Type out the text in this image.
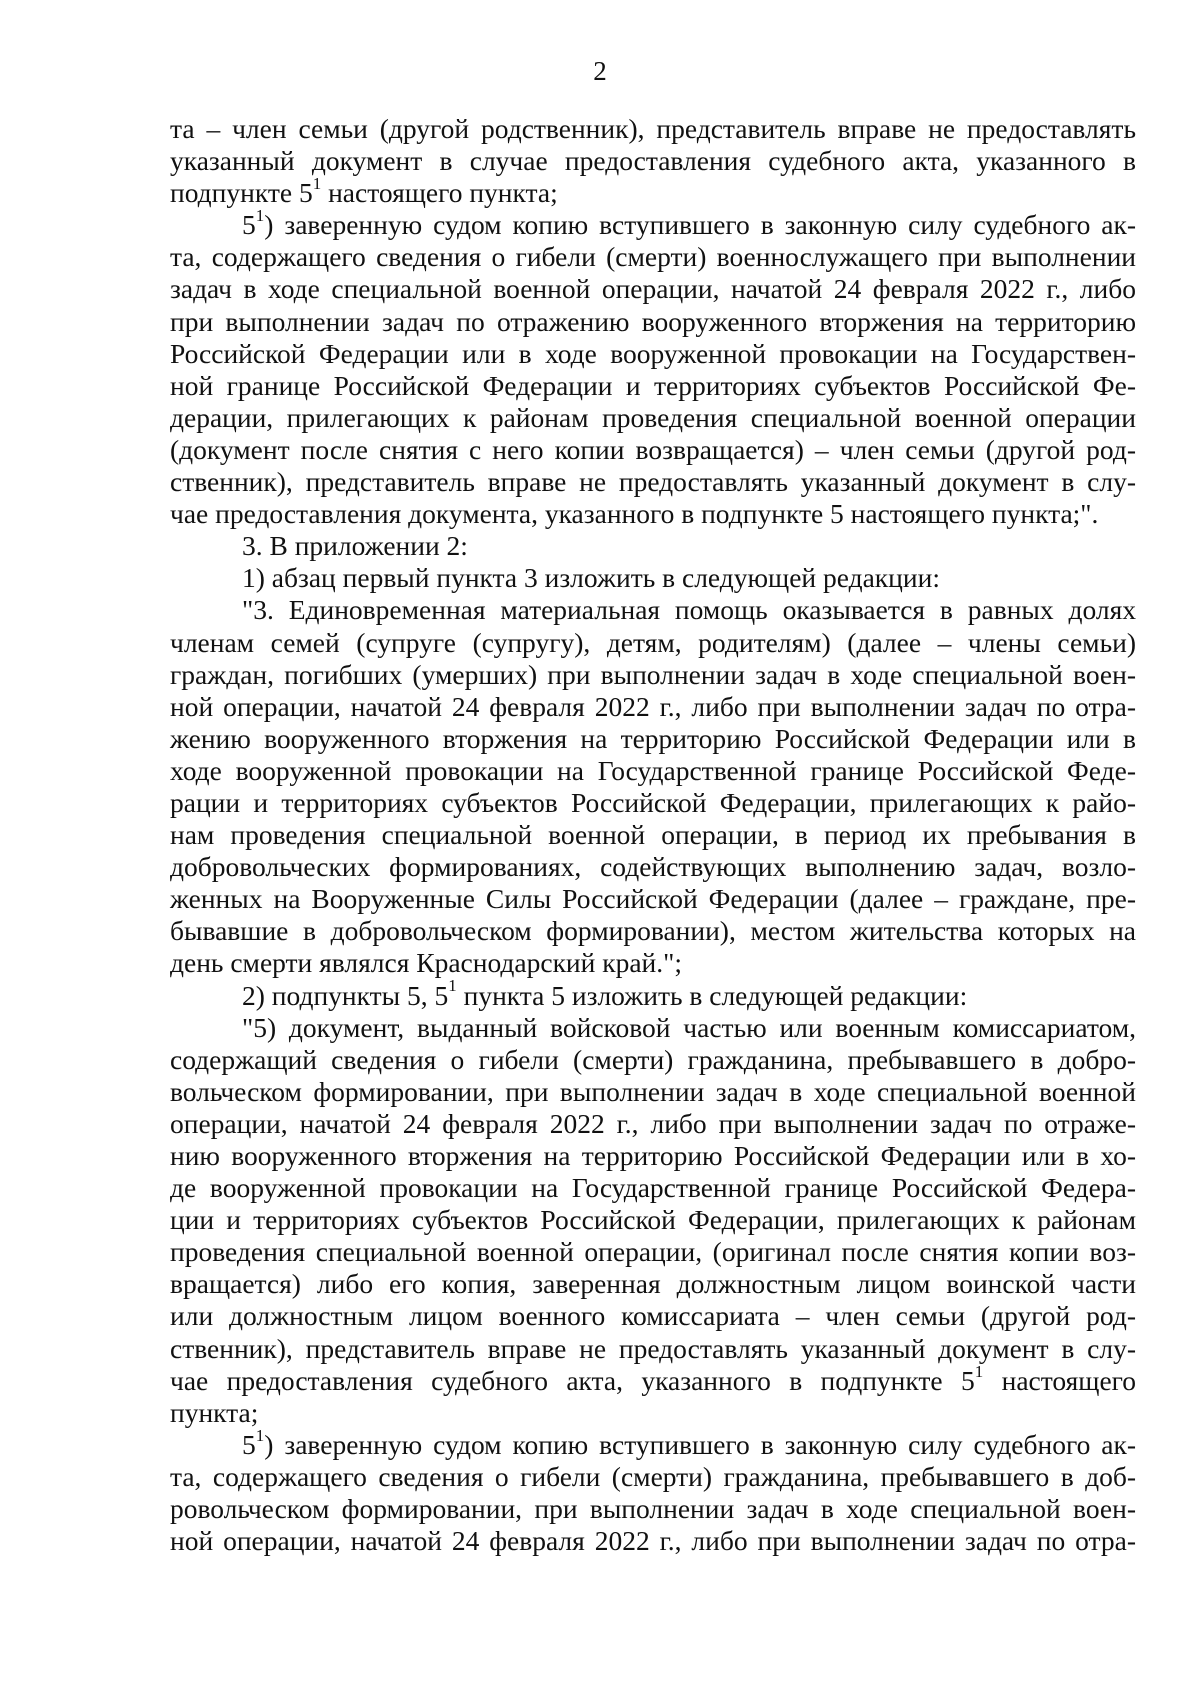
2
та – член семьи (другой родственник), представитель вправе не предоставлять
указанный документ в случае предоставления судебного акта, указанного в
подпункте $5^1$ настоящего пункта;
$5^1$) заверенную судом копию вступившего в законную силу судебного ак-
та, содержащего сведения о гибели (смерти) военнослужащего при выполнении
задач в ходе специальной военной операции, начатой 24 февраля 2022 г., либо
при выполнении задач по отражению вооруженного вторжения на территорию
Российской Федерации или в ходе вооруженной провокации на Государствен-
ной границе Российской Федерации и территориях субъектов Российской Фе-
дерации, прилегающих к районам проведения специальной военной операции
(документ после снятия с него копии возвращается) – член семьи (другой род-
ственник), представитель вправе не предоставлять указанный документ в слу-
чае предоставления документа, указанного в подпункте 5 настоящего пункта;".
3. В приложении 2:
1) абзац первый пункта 3 изложить в следующей редакции:
"3. Единовременная материальная помощь оказывается в равных долях
членам семей (супруге (супругу), детям, родителям) (далее – члены семьи)
граждан, погибших (умерших) при выполнении задач в ходе специальной воен-
ной операции, начатой 24 февраля 2022 г., либо при выполнении задач по отра-
жению вооруженного вторжения на территорию Российской Федерации или в
ходе вооруженной провокации на Государственной границе Российской Феде-
рации и территориях субъектов Российской Федерации, прилегающих к райо-
нам проведения специальной военной операции, в период их пребывания в
добровольческих формированиях, содействующих выполнению задач, возло-
женных на Вооруженные Силы Российской Федерации (далее – граждане, пре-
бывавшие в добровольческом формировании), местом жительства которых на
день смерти являлся Краснодарский край.";
2) подпункты 5, $5^1$ пункта 5 изложить в следующей редакции:
"5) документ, выданный войсковой частью или военным комиссариатом,
содержащий сведения о гибели (смерти) гражданина, пребывавшего в добро-
вольческом формировании, при выполнении задач в ходе специальной военной
операции, начатой 24 февраля 2022 г., либо при выполнении задач по отраже-
нию вооруженного вторжения на территорию Российской Федерации или в хо-
де вооруженной провокации на Государственной границе Российской Федера-
ции и территориях субъектов Российской Федерации, прилегающих к районам
проведения специальной военной операции, (оригинал после снятия копии воз-
вращается) либо его копия, заверенная должностным лицом воинской части
или должностным лицом военного комиссариата – член семьи (другой род-
ственник), представитель вправе не предоставлять указанный документ в слу-
чае предоставления судебного акта, указанного в подпункте $5^1$ настоящего
пункта;
$5^1$) заверенную судом копию вступившего в законную силу судебного ак-
та, содержащего сведения о гибели (смерти) гражданина, пребывавшего в доб-
ровольческом формировании, при выполнении задач в ходе специальной воен-
ной операции, начатой 24 февраля 2022 г., либо при выполнении задач по отра-
